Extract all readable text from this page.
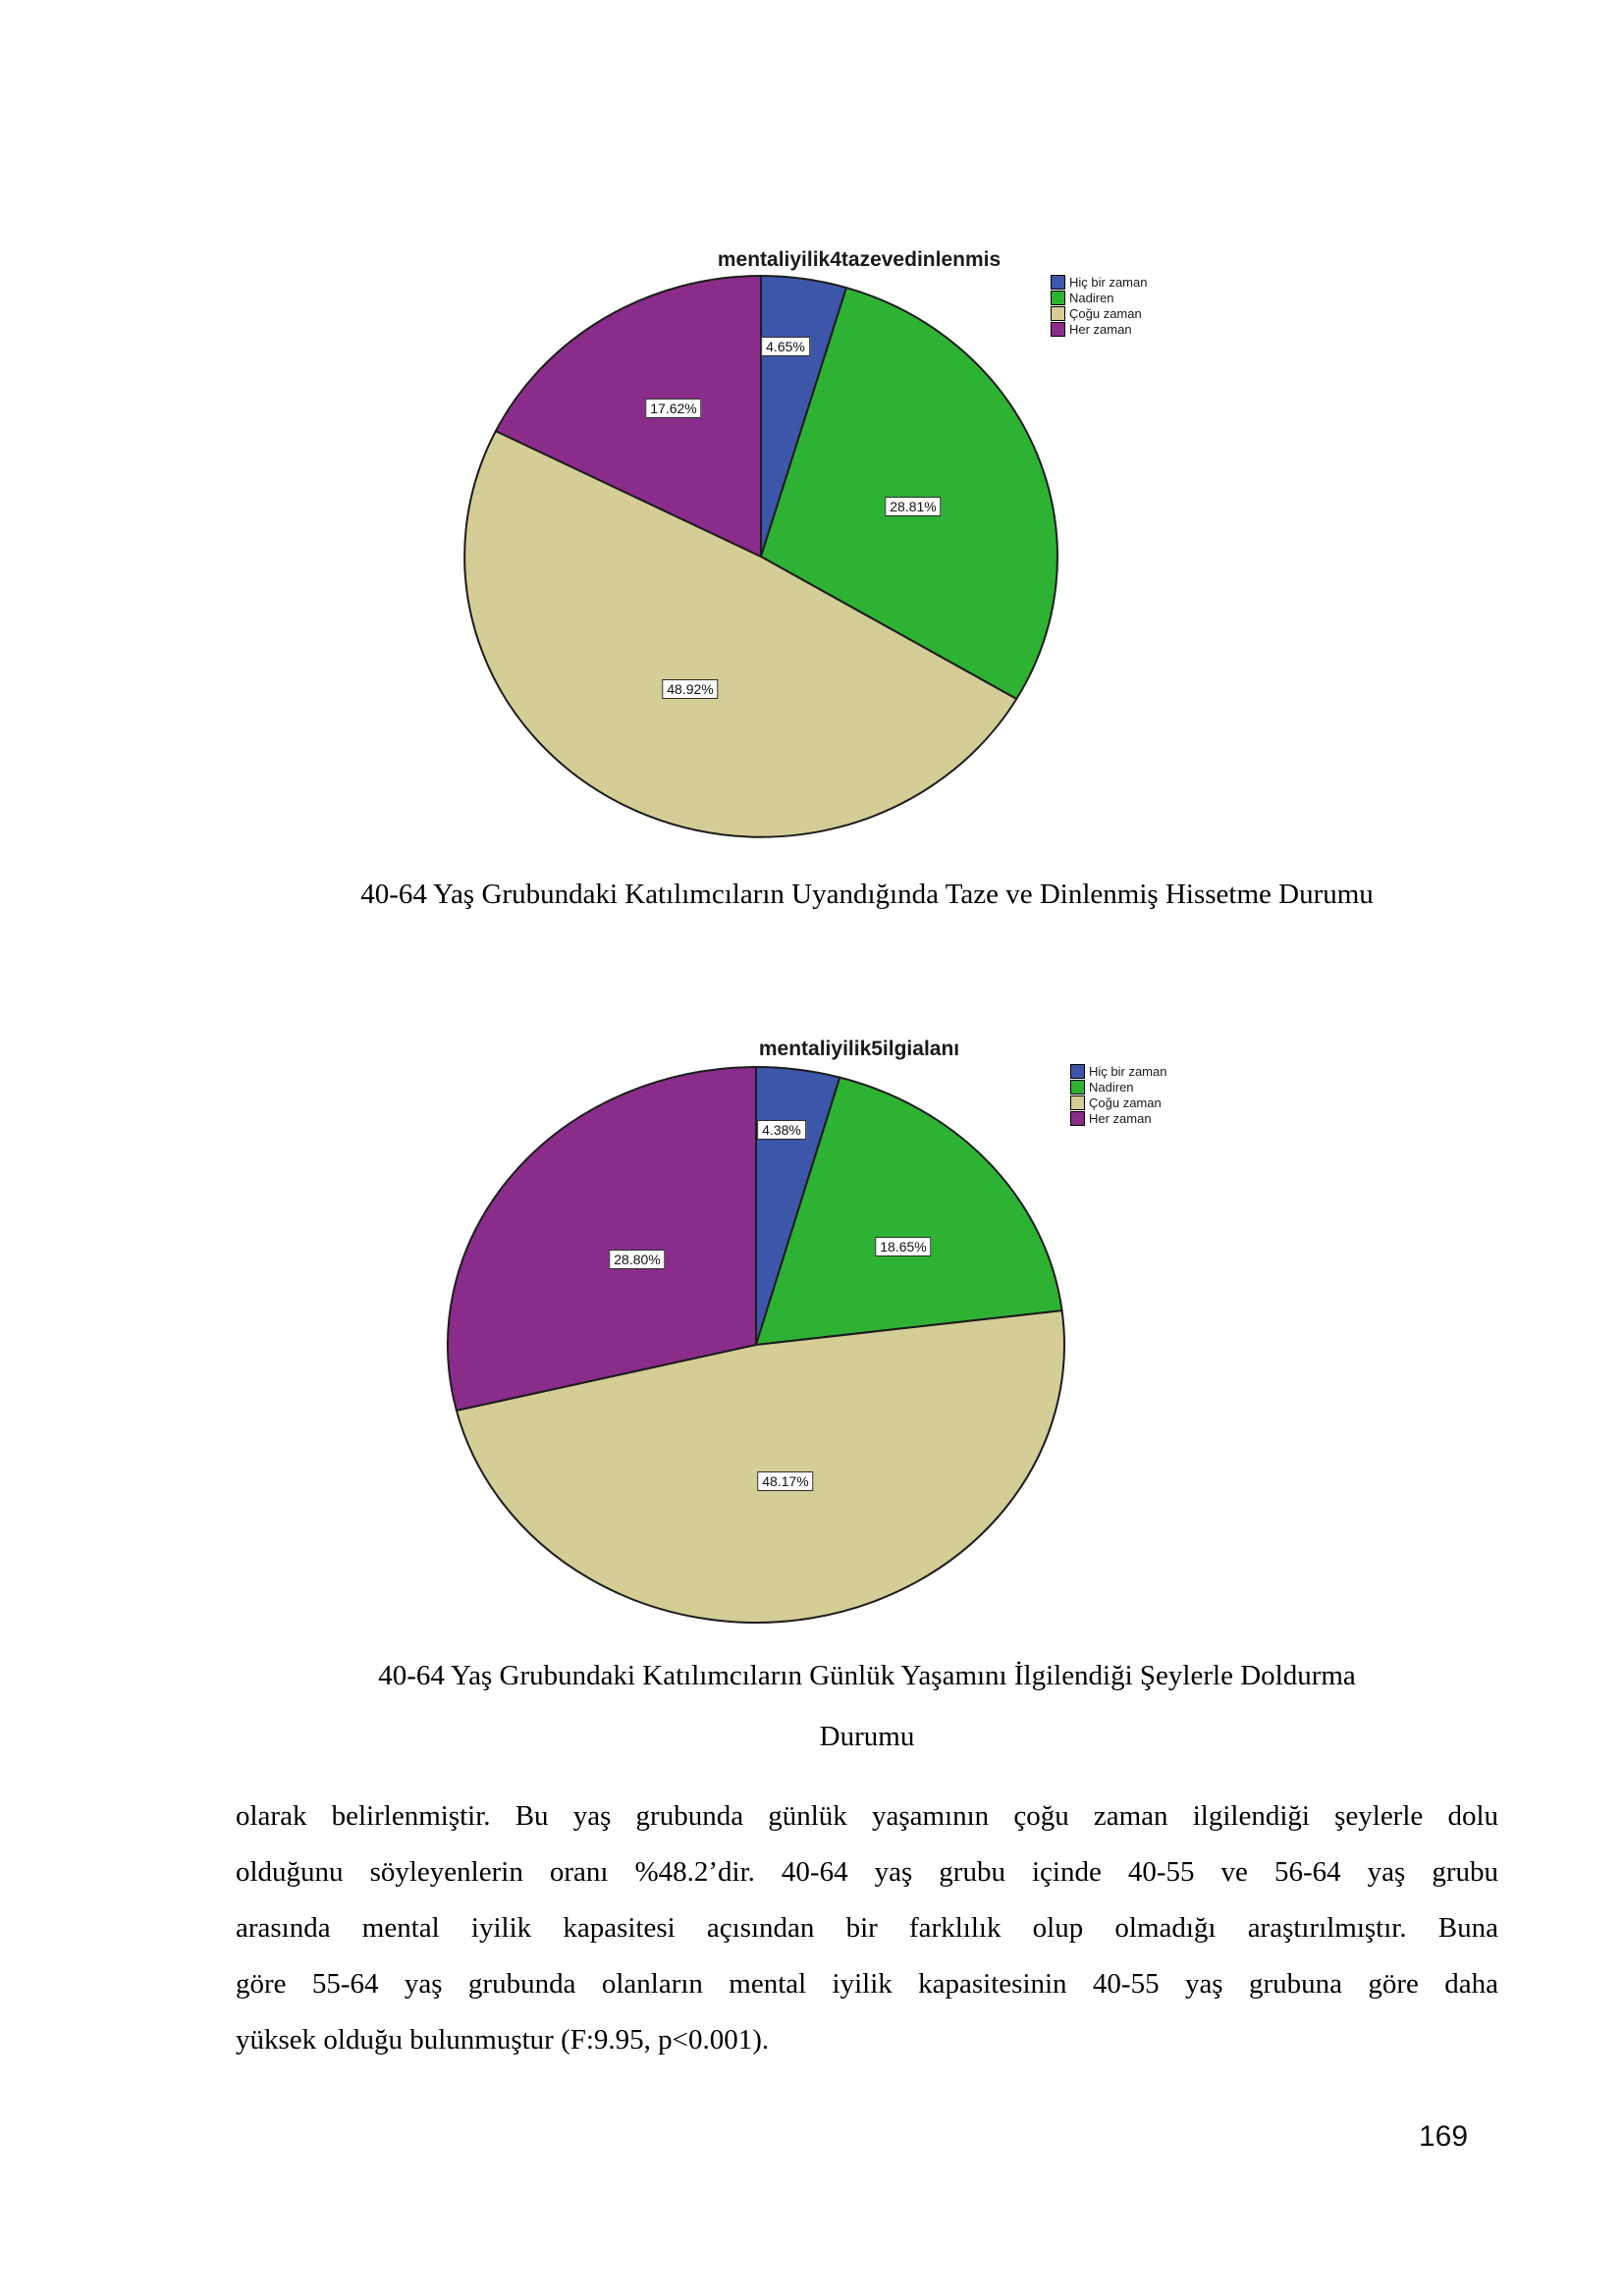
mentaliyilik4tazevedinlenmis
Hiç bir zaman
Nadiren
Çoğu zaman
Her zaman
4.65%
28.81%
48.92%
17.62%
40-64 Yaş Grubundaki Katılımcıların Uyandığında Taze ve Dinlenmiş Hissetme Durumu
mentaliyilik5ilgialanı
Hiç bir zaman
Nadiren
Çoğu zaman
Her zaman
4.38%
18.65%
48.17%
28.80%
40-64 Yaş Grubundaki Katılımcıların Günlük Yaşamını İlgilendiği Şeylerle Doldurma
Durumu
olarak belirlenmiştir. Bu yaş grubunda günlük yaşamının çoğu zaman ilgilendiği şeylerle dolu
olduğunu söyleyenlerin oranı %48.2’dir. 40-64 yaş grubu içinde 40-55 ve 56-64 yaş grubu
arasında mental iyilik kapasitesi açısından bir farklılık olup olmadığı araştırılmıştır. Buna
göre 55-64 yaş grubunda olanların mental iyilik kapasitesinin 40-55 yaş grubuna göre daha
yüksek olduğu bulunmuştur (F:9.95, p<0.001).
169
